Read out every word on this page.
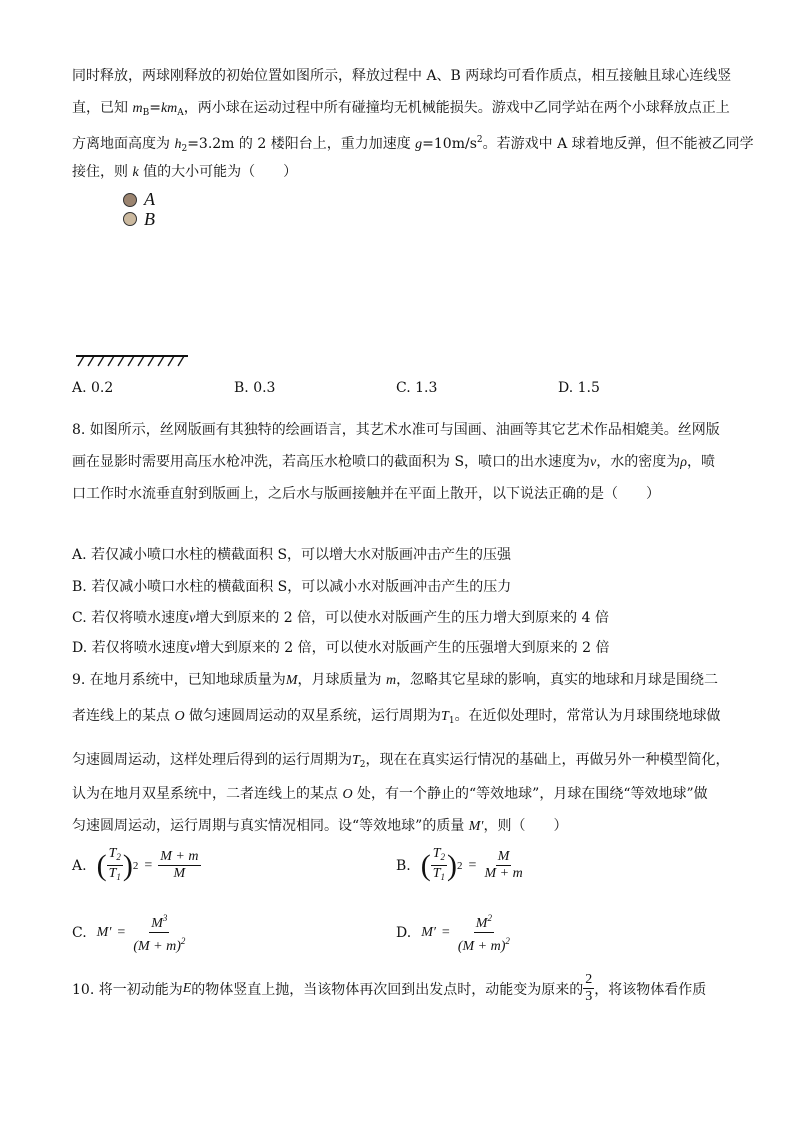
同时释放，两球刚释放的初始位置如图所示，释放过程中 A、B 两球均可看作质点，相互接触且球心连线竖
直，已知 $m_B=km_A$，两小球在运动过程中所有碰撞均无机械能损失。游戏中乙同学站在两个小球释放点正上
方离地面高度为 $h_2=3.2m$ 的 2 楼阳台上，重力加速度 $g=10m/s^2$。若游戏中 A 球着地反弹，但不能被乙同学
接住，则 k 值的大小可能为（　　）
A
B
A. 0.2	B. 0.3	C. 1.3	D. 1.5
8. 如图所示，丝网版画有其独特的绘画语言，其艺术水准可与国画、油画等其它艺术作品相媲美。丝网版
画在显影时需要用高压水枪冲洗，若高压水枪喷口的截面积为 S，喷口的出水速度为v，水的密度为ρ，喷
口工作时水流垂直射到版画上，之后水与版画接触并在平面上散开，以下说法正确的是（　　）
A. 若仅减小喷口水柱的横截面积 S，可以增大水对版画冲击产生的压强
B. 若仅减小喷口水柱的横截面积 S，可以减小水对版画冲击产生的压力
C. 若仅将喷水速度v增大到原来的 2 倍，可以使水对版画产生的压力增大到原来的 4 倍
D. 若仅将喷水速度v增大到原来的 2 倍，可以使水对版画产生的压强增大到原来的 2 倍
9. 在地月系统中，已知地球质量为M，月球质量为 m，忽略其它星球的影响，真实的地球和月球是围绕二
者连线上的某点 O 做匀速圆周运动的双星系统，运行周期为$T_1$。在近似处理时，常常认为月球围绕地球做
匀速圆周运动，这样处理后得到的运行周期为$T_2$，现在在真实运行情况的基础上，再做另外一种模型简化，
认为在地月双星系统中，二者连线上的某点 O 处，有一个静止的“等效地球”，月球在围绕“等效地球”做
匀速圆周运动，运行周期与真实情况相同。设“等效地球”的质量 M′，则（　　）
A. ( $\frac{T_2}{T_1}$ ) $2 = \frac{M + m}{M}$	B. ( $\frac{T_2}{T_1}$ ) $2 = \frac{M}{M + m}$
C. $M' = \frac{M^3}{(M + m)^2}$	D. $M' = \frac{M^2}{(M + m)^2}$
10. 将一初动能为 E 的物体竖直上抛，当该物体再次回到出发点时，动能变为原来的 $\frac{2}{3}$ ，将该物体看作质
